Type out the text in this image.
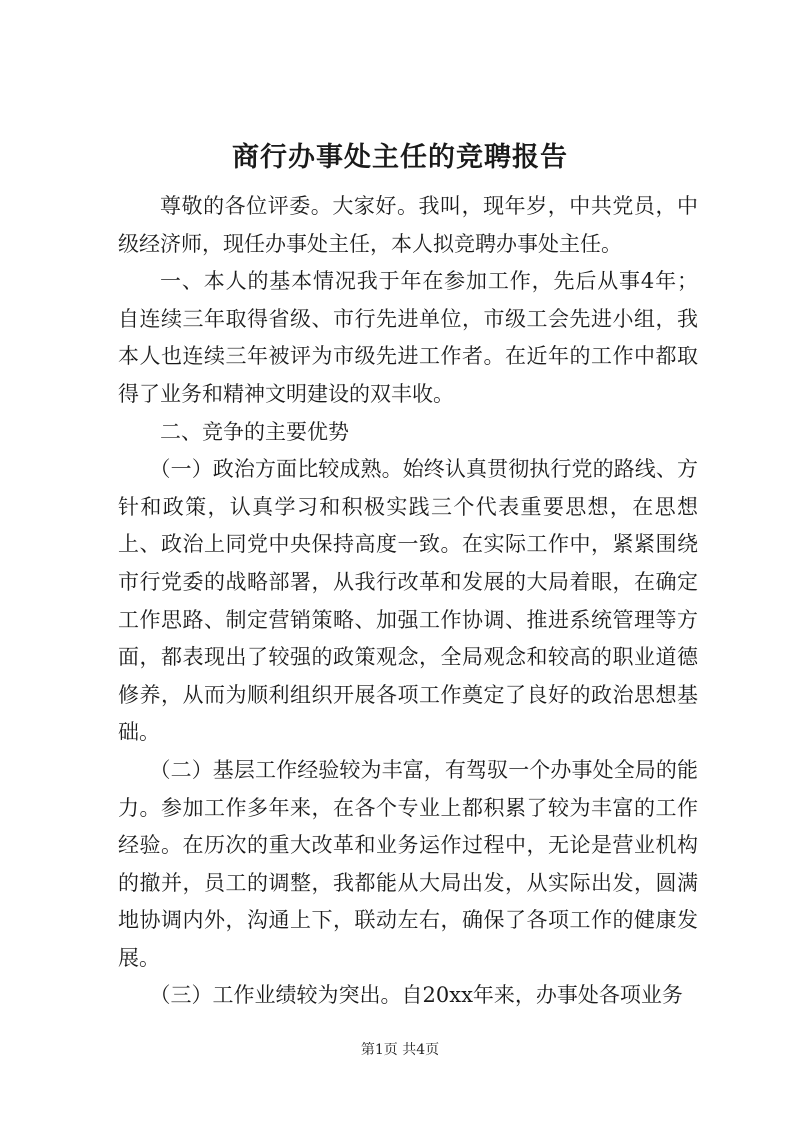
商行办事处主任的竞聘报告

尊敬的各位评委。大家好。我叫，现年岁，中共党员，中级经济师，现任办事处主任，本人拟竞聘办事处主任。

一、本人的基本情况我于年在参加工作，先后从事4年；自连续三年取得省级、市行先进单位，市级工会先进小组，我本人也连续三年被评为市级先进工作者。在近年的工作中都取得了业务和精神文明建设的双丰收。

二、竞争的主要优势

（一）政治方面比较成熟。始终认真贯彻执行党的路线、方针和政策，认真学习和积极实践三个代表重要思想，在思想上、政治上同党中央保持高度一致。在实际工作中，紧紧围绕市行党委的战略部署，从我行改革和发展的大局着眼，在确定工作思路、制定营销策略、加强工作协调、推进系统管理等方面，都表现出了较强的政策观念，全局观念和较高的职业道德修养，从而为顺利组织开展各项工作奠定了良好的政治思想基础。

（二）基层工作经验较为丰富，有驾驭一个办事处全局的能力。参加工作多年来，在各个专业上都积累了较为丰富的工作经验。在历次的重大改革和业务运作过程中，无论是营业机构的撤并，员工的调整，我都能从大局出发，从实际出发，圆满地协调内外，沟通上下，联动左右，确保了各项工作的健康发展。

（三）工作业绩较为突出。自20xx年来，办事处各项业务

第1页 共4页
